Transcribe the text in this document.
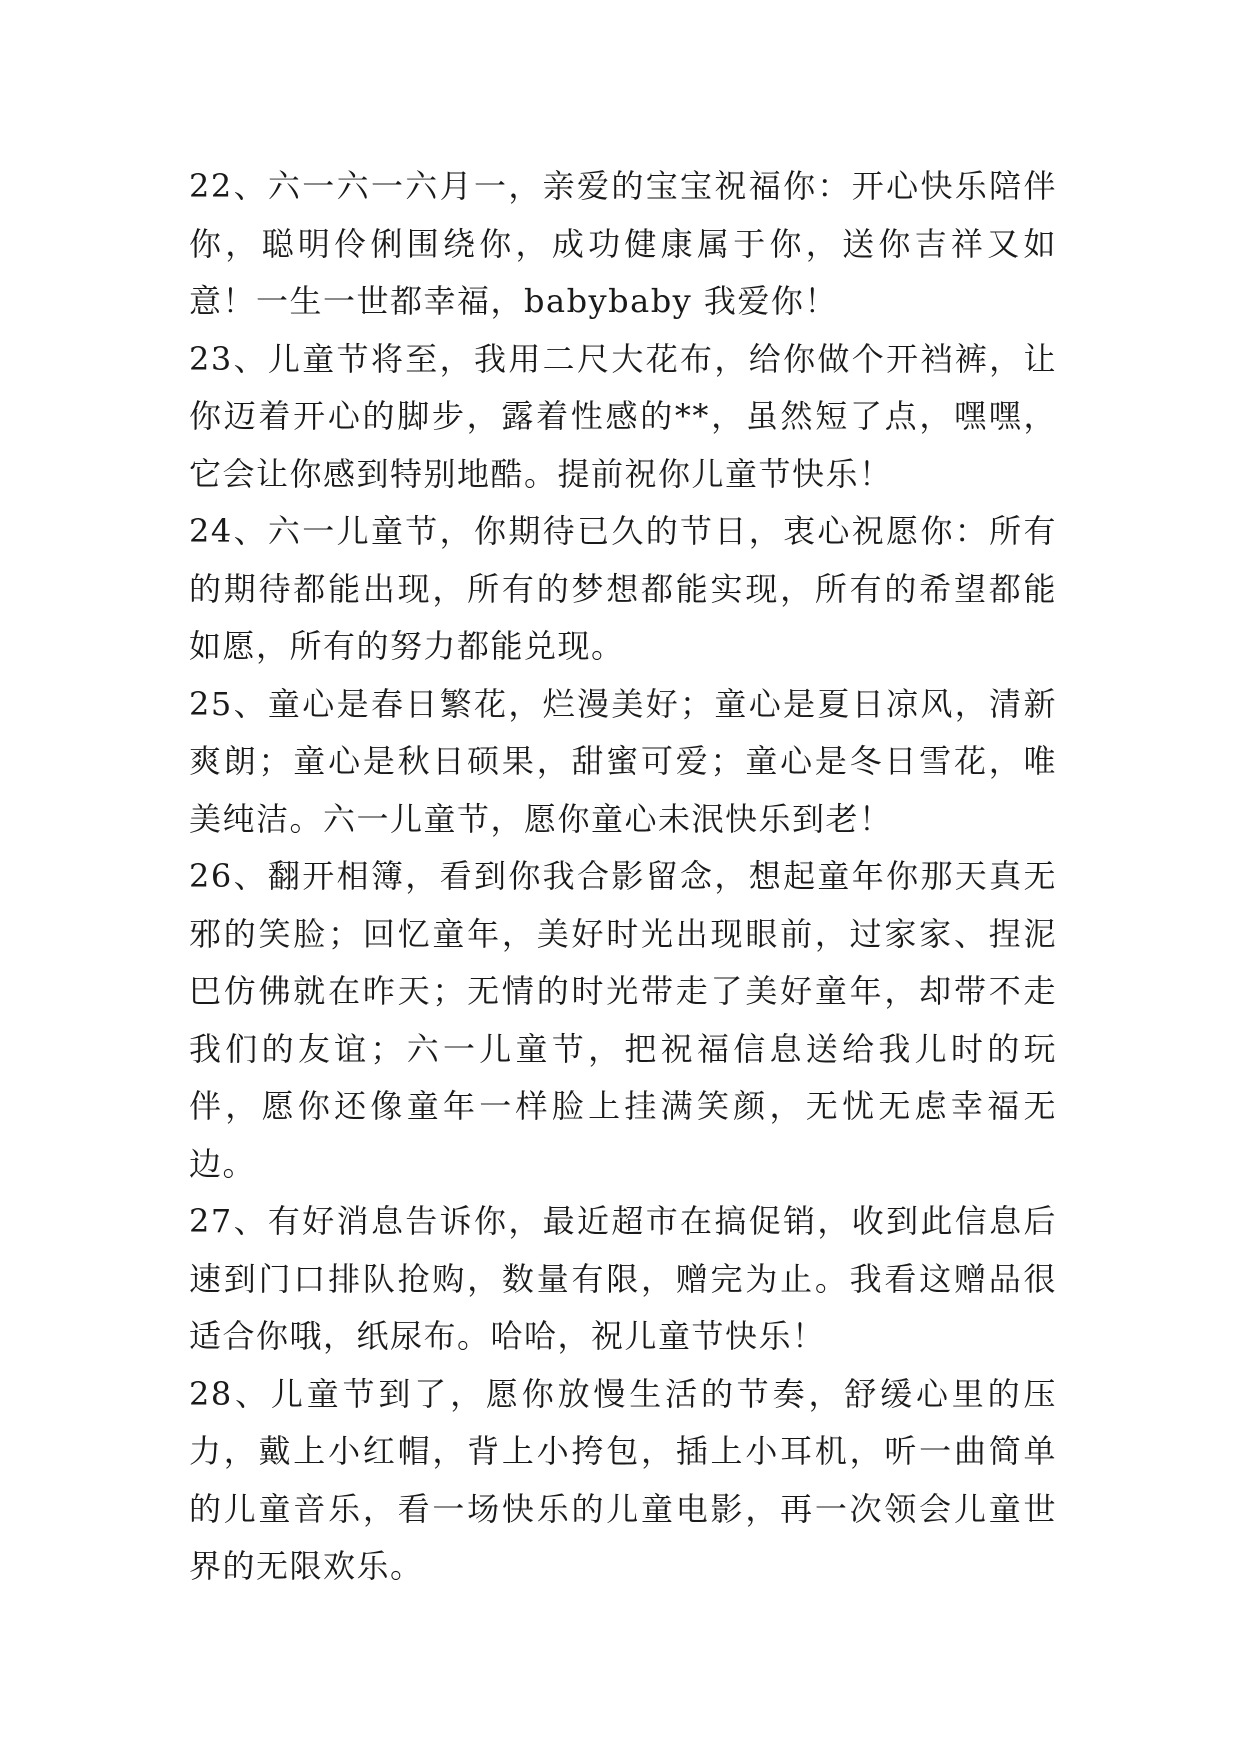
22、六一六一六月一，亲爱的宝宝祝福你：开心快乐陪伴你，聪明伶俐围绕你，成功健康属于你，送你吉祥又如意！一生一世都幸福，babybaby 我爱你！

23、儿童节将至，我用二尺大花布，给你做个开裆裤，让你迈着开心的脚步，露着性感的**，虽然短了点，嘿嘿，它会让你感到特别地酷。提前祝你儿童节快乐！

24、六一儿童节，你期待已久的节日，衷心祝愿你：所有的期待都能出现，所有的梦想都能实现，所有的希望都能如愿，所有的努力都能兑现。

25、童心是春日繁花，烂漫美好；童心是夏日凉风，清新爽朗；童心是秋日硕果，甜蜜可爱；童心是冬日雪花，唯美纯洁。六一儿童节，愿你童心未泯快乐到老！

26、翻开相簿，看到你我合影留念，想起童年你那天真无邪的笑脸；回忆童年，美好时光出现眼前，过家家、捏泥巴仿佛就在昨天；无情的时光带走了美好童年，却带不走我们的友谊；六一儿童节，把祝福信息送给我儿时的玩伴，愿你还像童年一样脸上挂满笑颜，无忧无虑幸福无边。

27、有好消息告诉你，最近超市在搞促销，收到此信息后速到门口排队抢购，数量有限，赠完为止。我看这赠品很适合你哦，纸尿布。哈哈，祝儿童节快乐！

28、儿童节到了，愿你放慢生活的节奏，舒缓心里的压力，戴上小红帽，背上小挎包，插上小耳机，听一曲简单的儿童音乐，看一场快乐的儿童电影，再一次领会儿童世界的无限欢乐。
